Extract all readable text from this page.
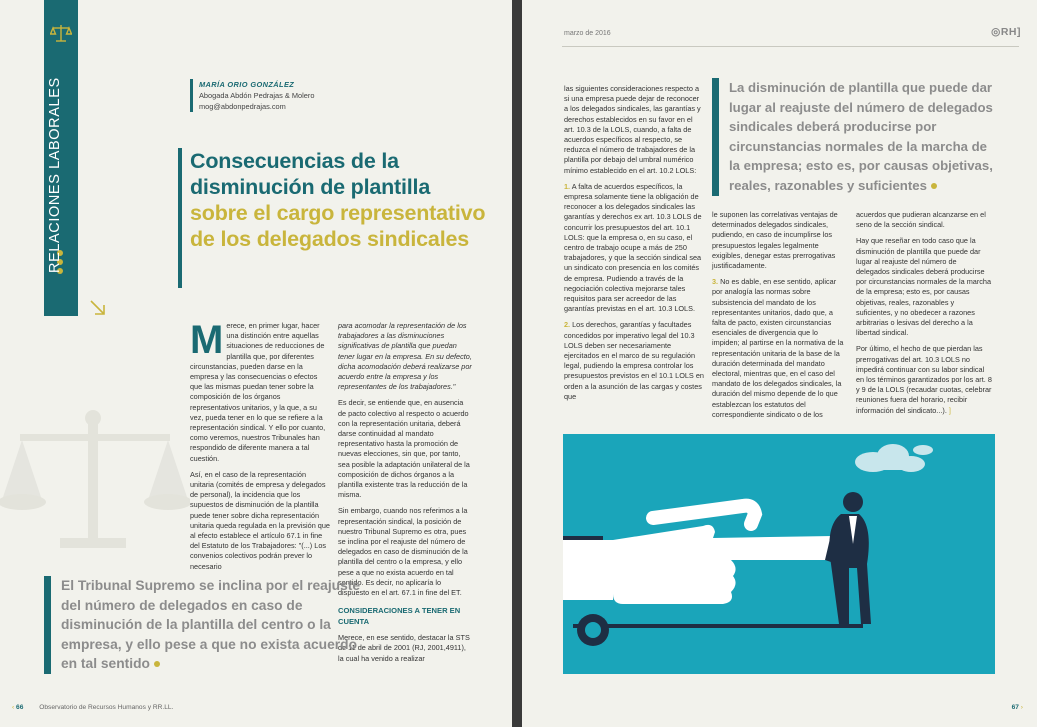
RELACIONES LABORALES	MARÍA ORIO GONZÁLEZ
Abogada Abdón Pedrajas & Molero
mog@abdonpedrajas.com
Consecuencias de la disminución de plantilla sobre el cargo representativo de los delegados sindicales

Merece, en primer lugar, hacer una distinción entre aquellas situaciones de reducciones de plantilla que, por diferentes circunstancias, pueden darse en la empresa y las consecuencias o efectos que las mismas puedan tener sobre la composición de los órganos representativos unitarios, y la que, a su vez, pueda tener en lo que se refiere a la representación sindical. Y ello por cuanto, como veremos, nuestros Tribunales han respondido de diferente manera a tal cuestión.

Así, en el caso de la representación unitaria (comités de empresa y delegados de personal), la incidencia que los supuestos de disminución de la plantilla puede tener sobre dicha representación unitaria queda regulada en la previsión que al efecto establece el artículo 67.1 in fine del Estatuto de los Trabajadores: "(...) Los convenios colectivos podrán prever lo necesario

para acomodar la representación de los trabajadores a las disminuciones significativas de plantilla que puedan tener lugar en la empresa. En su defecto, dicha acomodación deberá realizarse por acuerdo entre la empresa y los representantes de los trabajadores."

Es decir, se entiende que, en ausencia de pacto colectivo al respecto o acuerdo con la representación unitaria, deberá darse continuidad al mandato representativo hasta la promoción de nuevas elecciones, sin que, por tanto, sea posible la adaptación unilateral de la composición de dichos órganos a la plantilla existente tras la reducción de la misma.

Sin embargo, cuando nos referimos a la representación sindical, la posición de nuestro Tribunal Supremo es otra, pues se inclina por el reajuste del número de delegados en caso de disminución de la plantilla del centro o la empresa, y ello pese a que no exista acuerdo en tal sentido. Es decir, no aplicaría lo dispuesto en el art. 67.1 in fine del ET.

CONSIDERACIONES A TENER EN CUENTA

Merece, en ese sentido, destacar la STS de 11 de abril de 2001 (RJ, 2001,4911), la cual ha venido a realizar

El Tribunal Supremo se inclina por el reajuste del número de delegados en caso de disminución de la plantilla del centro o la empresa, y ello pese a que no exista acuerdo en tal sentido
‹ 66 Observatorio de Recursos Humanos y RR.LL.
marzo de 2016	◎RH]

las siguientes consideraciones respecto a si una empresa puede dejar de reconocer a los delegados sindicales, las garantías y derechos establecidos en su favor en el art. 10.3 de la LOLS, cuando, a falta de acuerdos específicos al respecto, se reduzca el número de trabajadores de la plantilla por debajo del umbral numérico mínimo establecido en el art. 10.2 LOLS:

1. A falta de acuerdos específicos, la empresa solamente tiene la obligación de reconocer a los delegados sindicales las garantías y derechos ex art. 10.3 LOLS de concurrir los presupuestos del art. 10.1 LOLS: que la empresa o, en su caso, el centro de trabajo ocupe a más de 250 trabajadores, y que la sección sindical sea un sindicato con presencia en los comités de empresa. Pudiendo a través de la negociación colectiva mejorarse tales requisitos para ser acreedor de las garantías previstas en el art. 10.3 LOLS.

2. Los derechos, garantías y facultades concedidos por imperativo legal del 10.3 LOLS deben ser necesariamente ejercitados en el marco de su regulación legal, pudiendo la empresa controlar los presupuestos previstos en el 10.1 LOLS en orden a la asunción de las cargas y costes que

La disminución de plantilla que puede dar lugar al reajuste del número de delegados sindicales deberá producirse por circunstancias normales de la marcha de la empresa; esto es, por causas objetivas, reales, razonables y suficientes

le suponen las correlativas ventajas de determinados delegados sindicales, pudiendo, en caso de incumplirse los presupuestos legales legalmente exigibles, denegar estas prerrogativas justificadamente.

3. No es dable, en ese sentido, aplicar por analogía las normas sobre subsistencia del mandato de los representantes unitarios, dado que, a falta de pacto, existen circunstancias esenciales de divergencia que lo impiden; al partirse en la normativa de la representación unitaria de la base de la duración determinada del mandato electoral, mientras que, en el caso del mandato de los delegados sindicales, la duración del mismo depende de lo que establezcan los estatutos del correspondiente sindicato o de los

acuerdos que pudieran alcanzarse en el seno de la sección sindical.

Hay que reseñar en todo caso que la disminución de plantilla que puede dar lugar al reajuste del número de delegados sindicales deberá producirse por circunstancias normales de la marcha de la empresa; esto es, por causas objetivas, reales, razonables y suficientes, y no obedecer a razones arbitrarias o lesivas del derecho a la libertad sindical.

Por último, el hecho de que pierdan las prerrogativas del art. 10.3 LOLS no impedirá continuar con su labor sindical en los términos garantizados por los art. 8 y 9 de la LOLS (recaudar cuotas, celebrar reuniones fuera del horario, recibir información del sindicato...). ]

67 ›
